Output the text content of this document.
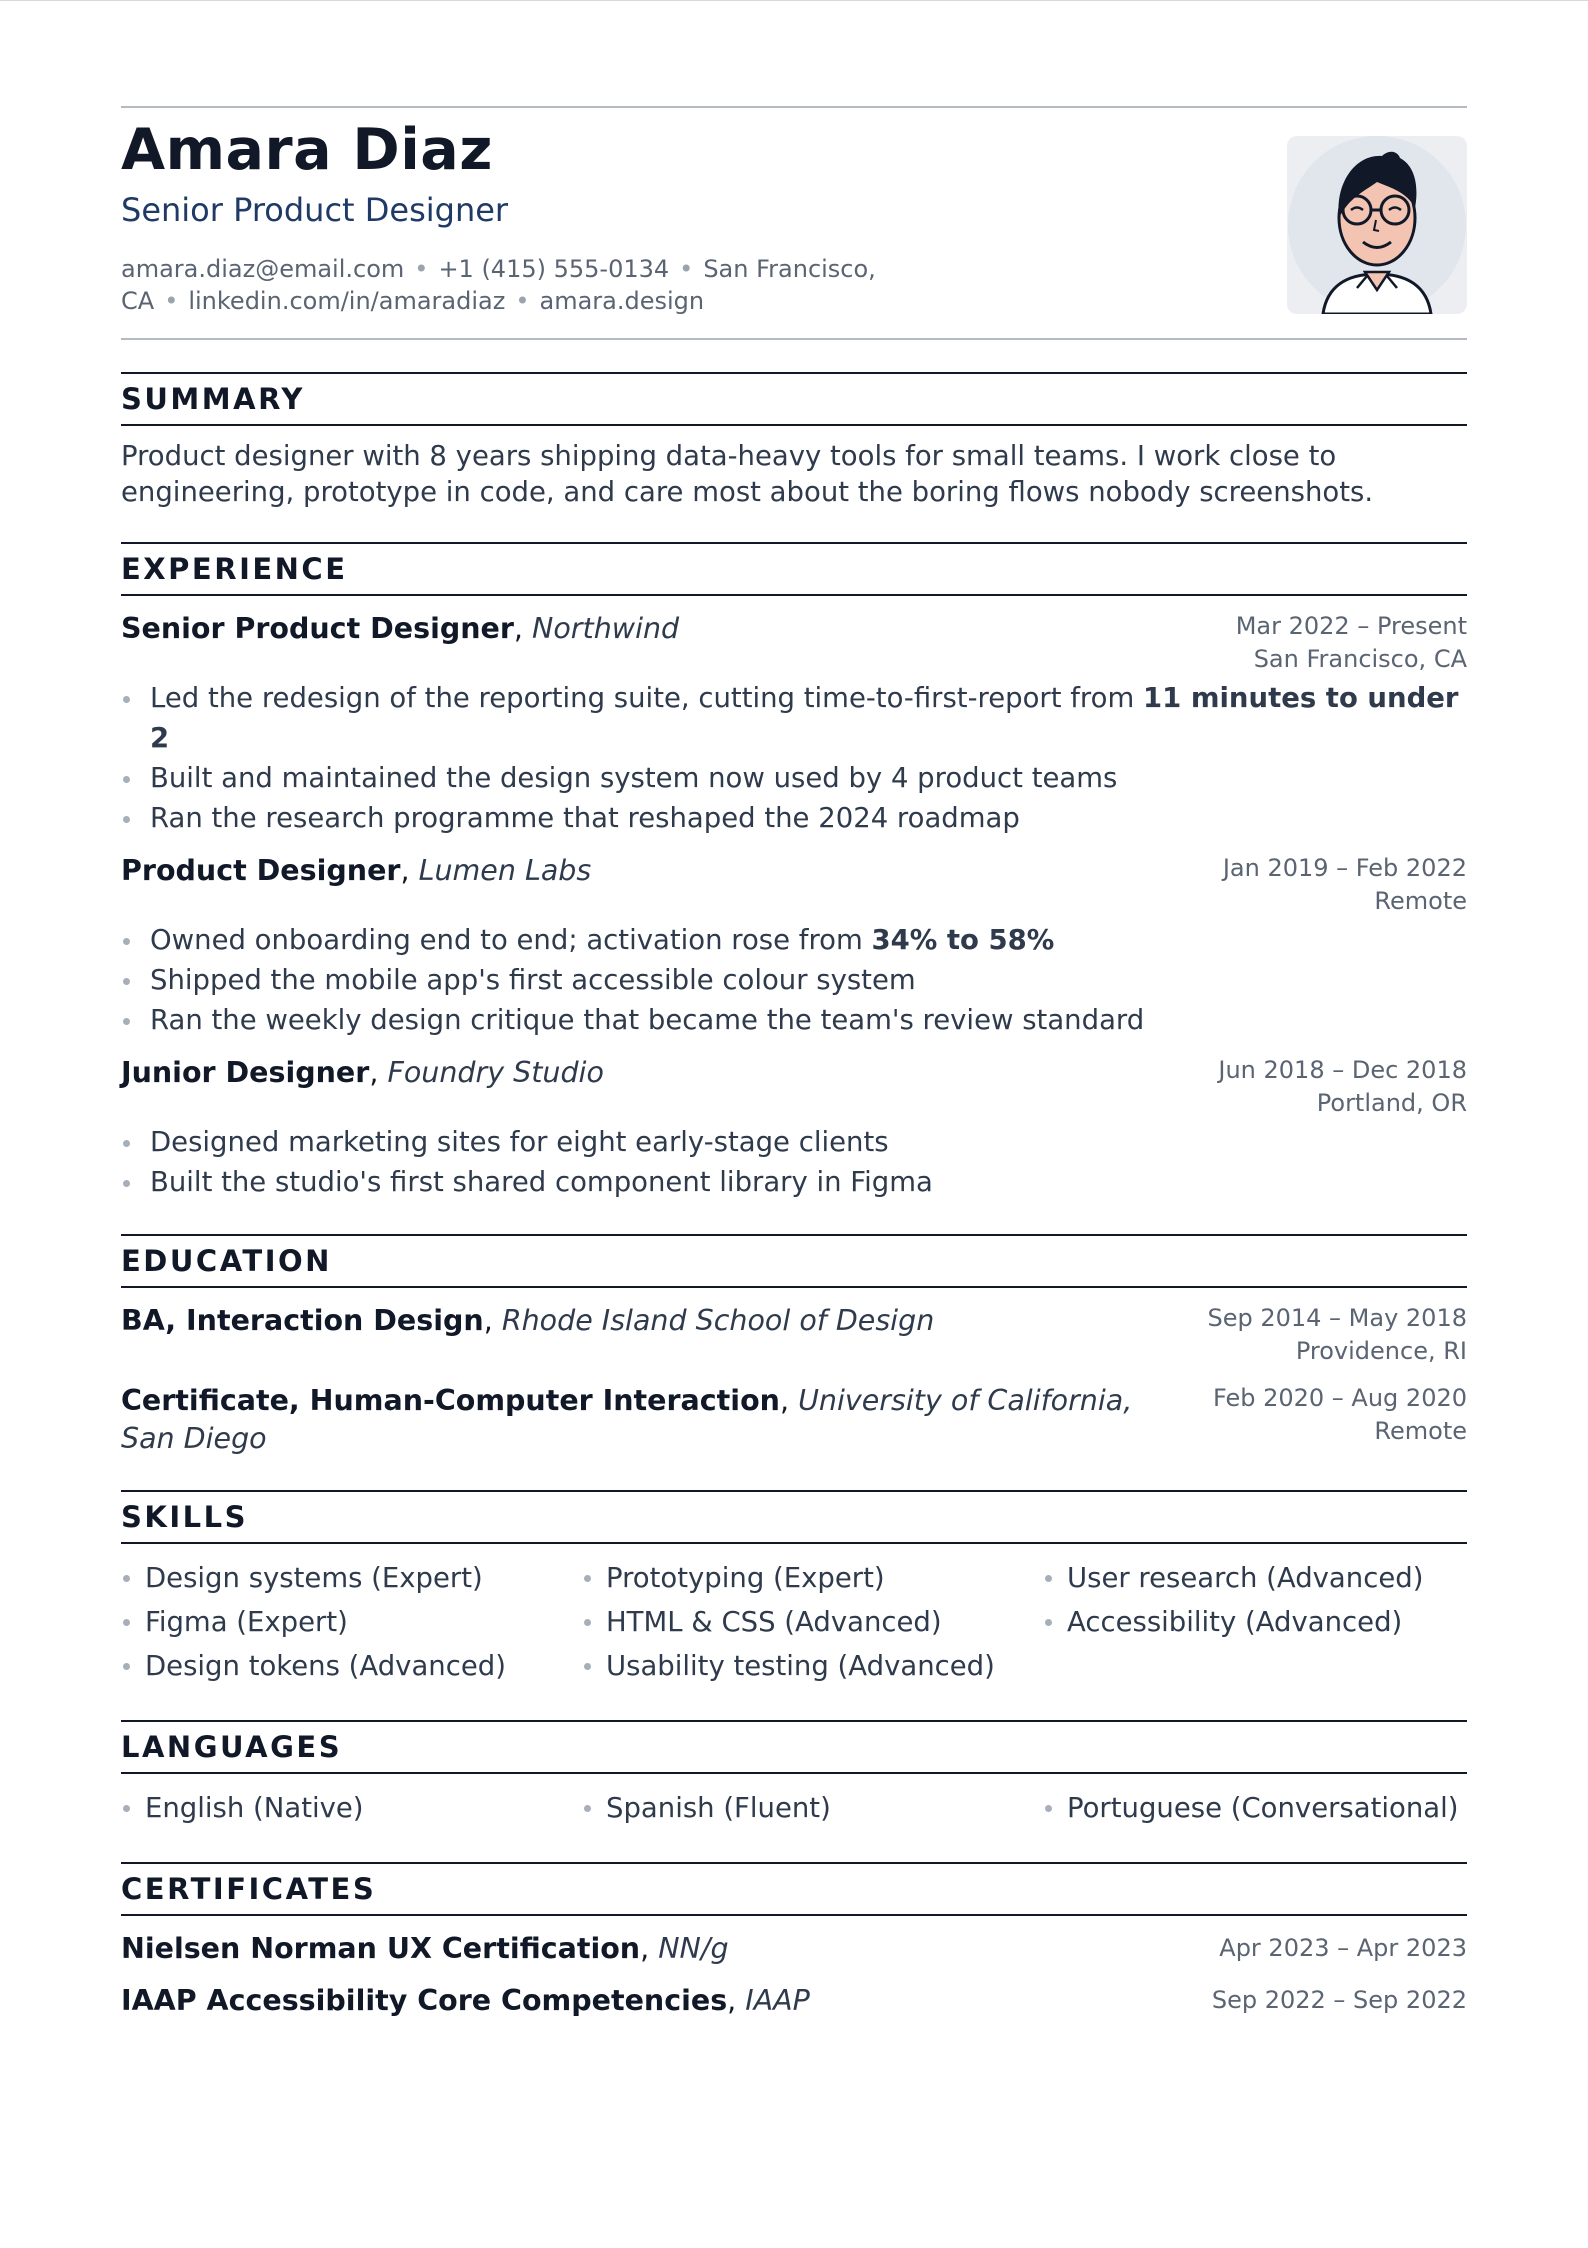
Amara Diaz
Senior Product Designer
amara.diaz@email.com • +1 (415) 555-0134 • San Francisco, CA • linkedin.com/in/amaradiaz • amara.design
SUMMARY
Product designer with 8 years shipping data-heavy tools for small teams. I work close to engineering, prototype in code, and care most about the boring flows nobody screenshots.
EXPERIENCE
Senior Product Designer, Northwind	Mar 2022 – Present
San Francisco, CA
Led the redesign of the reporting suite, cutting time-to-first-report from 11 minutes to under 2
Built and maintained the design system now used by 4 product teams
Ran the research programme that reshaped the 2024 roadmap
Product Designer, Lumen Labs	Jan 2019 – Feb 2022
Remote
Owned onboarding end to end; activation rose from 34% to 58%
Shipped the mobile app's first accessible colour system
Ran the weekly design critique that became the team's review standard
Junior Designer, Foundry Studio	Jun 2018 – Dec 2018
Portland, OR
Designed marketing sites for eight early-stage clients
Built the studio's first shared component library in Figma
EDUCATION
BA, Interaction Design, Rhode Island School of Design	Sep 2014 – May 2018
Providence, RI
Certificate, Human-Computer Interaction, University of California, San Diego
Feb 2020 – Aug 2020
Remote
SKILLS
Design systems (Expert)	Prototyping (Expert)	User research (Advanced)
Figma (Expert)	HTML & CSS (Advanced)	Accessibility (Advanced)
Design tokens (Advanced)	Usability testing (Advanced)
LANGUAGES
English (Native)	Spanish (Fluent)	Portuguese (Conversational)
CERTIFICATES
Nielsen Norman UX Certification, NN/g	Apr 2023 – Apr 2023
IAAP Accessibility Core Competencies, IAAP	Sep 2022 – Sep 2022
